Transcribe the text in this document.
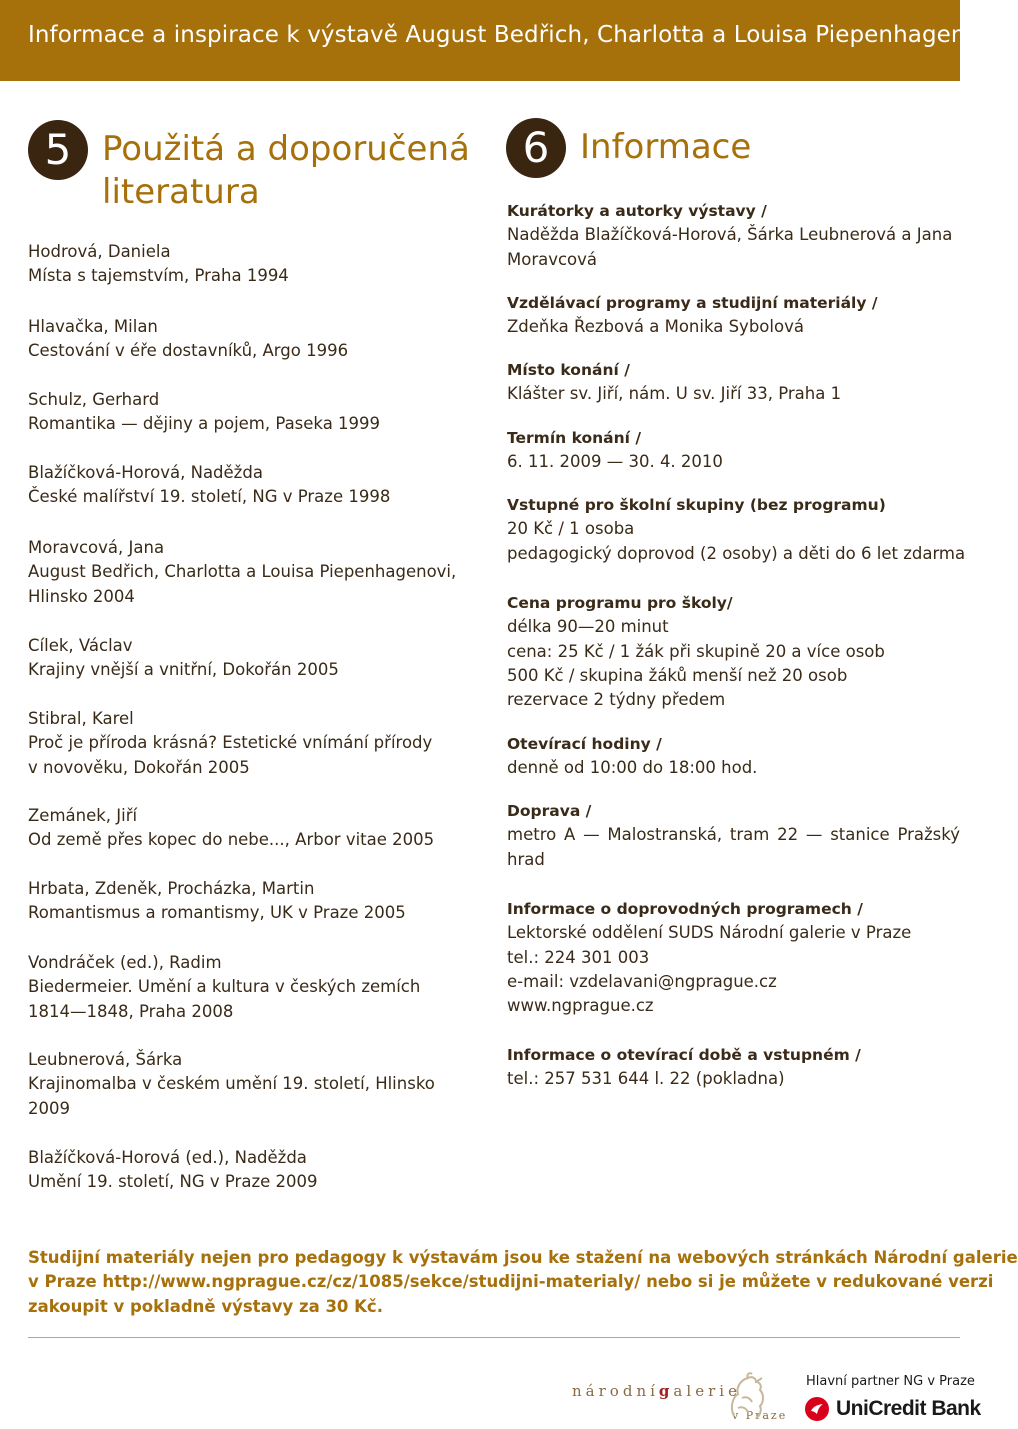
Informace a inspirace k výstavě August Bedřich, Charlotta a Louisa Piepenhagenovi
5 Použitá a doporučená
literatura
Hodrová, Daniela
Místa s tajemstvím, Praha 1994
Hlavačka, Milan
Cestování v éře dostavníků, Argo 1996
Schulz, Gerhard
Romantika — dějiny a pojem, Paseka 1999
Blažíčková-Horová, Naděžda
České malířství 19. století, NG v Praze 1998
Moravcová, Jana
August Bedřich, Charlotta a Louisa Piepenhagenovi,
Hlinsko 2004
Cílek, Václav
Krajiny vnější a vnitřní, Dokořán 2005
Stibral, Karel
Proč je příroda krásná? Estetické vnímání přírody
v novověku, Dokořán 2005
Zemánek, Jiří
Od země přes kopec do nebe..., Arbor vitae 2005
Hrbata, Zdeněk, Procházka, Martin
Romantismus a romantismy, UK v Praze 2005
Vondráček (ed.), Radim
Biedermeier. Umění a kultura v českých zemích
1814—1848, Praha 2008
Leubnerová, Šárka
Krajinomalba v českém umění 19. století, Hlinsko
2009
Blažíčková-Horová (ed.), Naděžda
Umění 19. století, NG v Praze 2009
6 Informace
Kurátorky a autorky výstavy /
Naděžda Blažíčková-Horová, Šárka Leubnerová a Jana
Moravcová
Vzdělávací programy a studijní materiály /
Zdeňka Řezbová a Monika Sybolová
Místo konání /
Klášter sv. Jiří, nám. U sv. Jiří 33, Praha 1
Termín konání /
6. 11. 2009 — 30. 4. 2010
Vstupné pro školní skupiny (bez programu)
20 Kč / 1 osoba
pedagogický doprovod (2 osoby) a děti do 6 let zdarma
Cena programu pro školy/
délka 90—20 minut
cena: 25 Kč / 1 žák při skupině 20 a více osob
500 Kč / skupina žáků menší než 20 osob
rezervace 2 týdny předem
Otevírací hodiny /
denně od 10:00 do 18:00 hod.
Doprava /
metro A — Malostranská, tram 22 — stanice Pražský
hrad
Informace o doprovodných programech /
Lektorské oddělení SUDS Národní galerie v Praze
tel.: 224 301 003
e-mail: vzdelavani@ngprague.cz
www.ngprague.cz
Informace o otevírací době a vstupném /
tel.: 257 531 644 l. 22 (pokladna)
Studijní materiály nejen pro pedagogy k výstavám jsou ke stažení na webových stránkách Národní galerie
v Praze http://www.ngprague.cz/cz/1085/sekce/studijni-materialy/ nebo si je můžete v redukované verzi
zakoupit v pokladně výstavy za 30 Kč.
národnígalerie
v Praze
Hlavní partner NG v Praze
UniCredit Bank
